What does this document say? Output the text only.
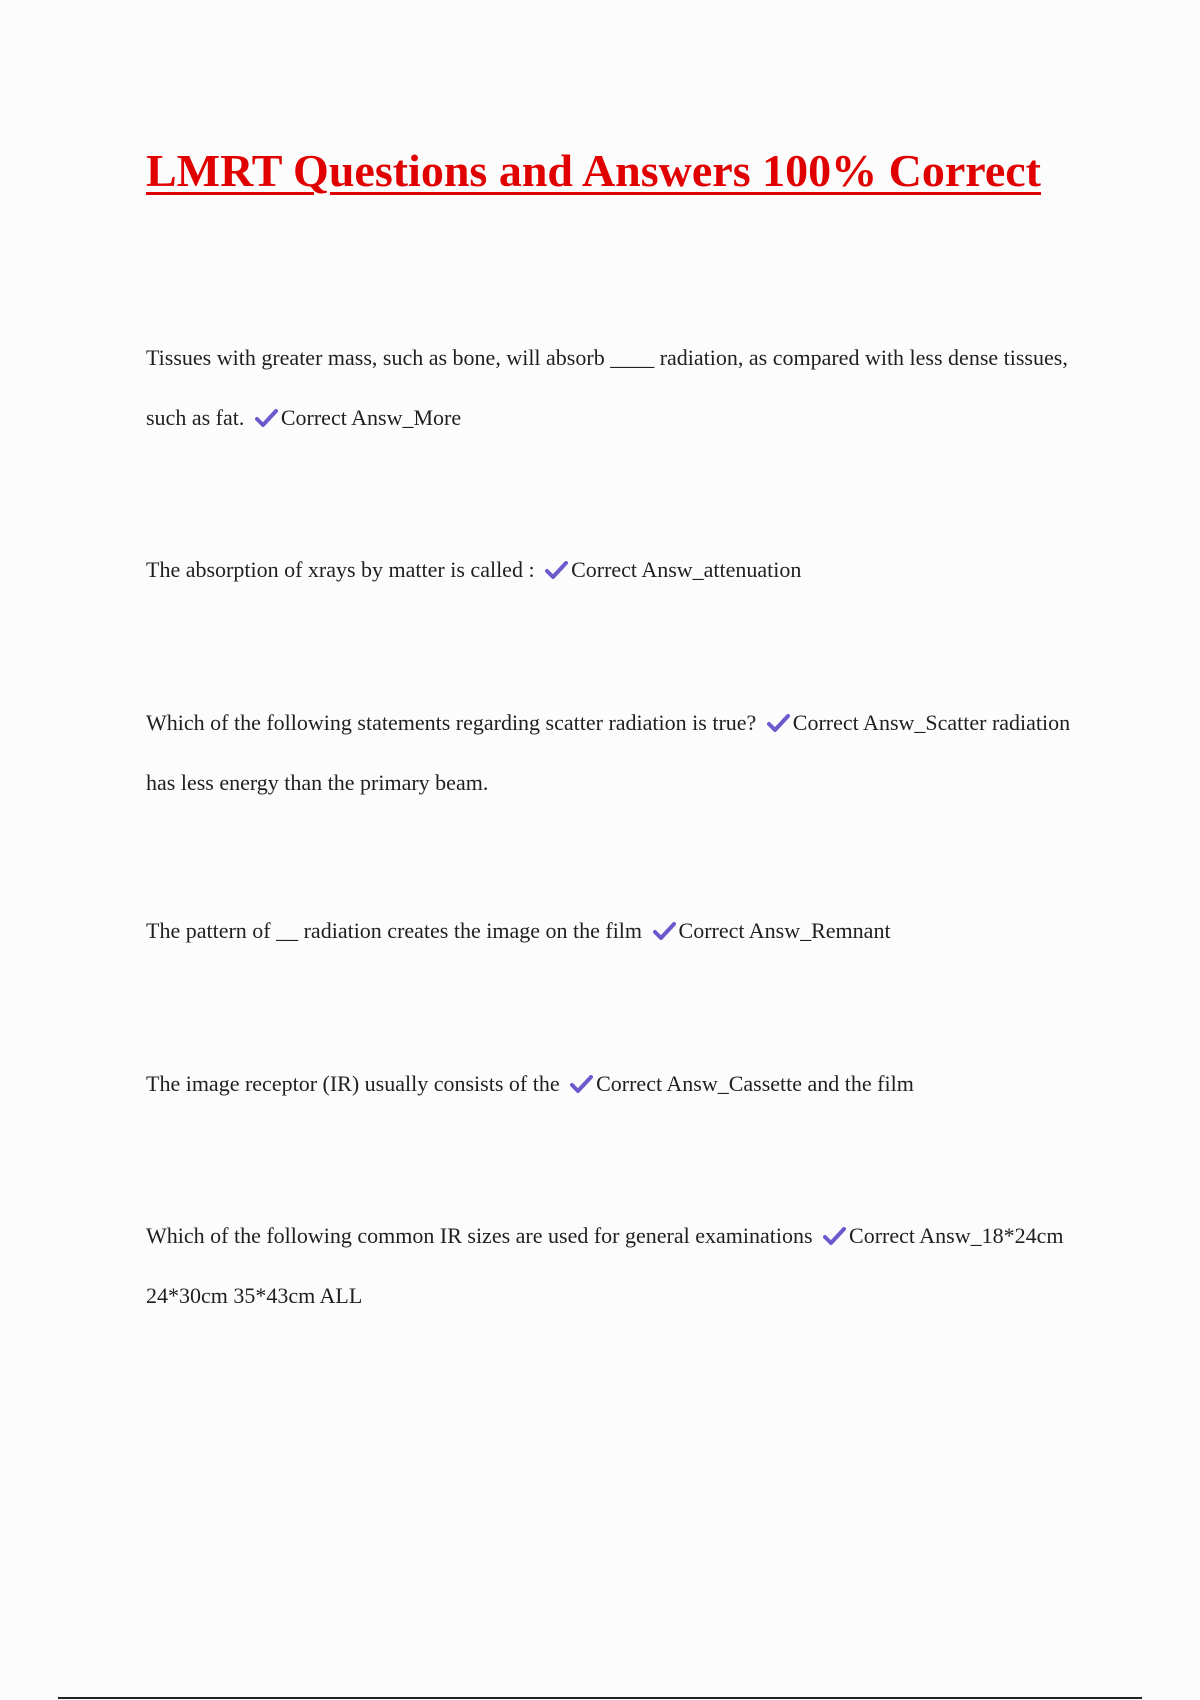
LMRT Questions and Answers 100% Correct

Tissues with greater mass, such as bone, will absorb ____ radiation, as compared with less dense tissues, such as fat. Correct Answ_More

The absorption of xrays by matter is called : Correct Answ_attenuation

Which of the following statements regarding scatter radiation is true? Correct Answ_Scatter radiation has less energy than the primary beam.

The pattern of __ radiation creates the image on the film Correct Answ_Remnant

The image receptor (IR) usually consists of the Correct Answ_Cassette and the film

Which of the following common IR sizes are used for general examinations Correct Answ_18*24cm 24*30cm 35*43cm ALL
